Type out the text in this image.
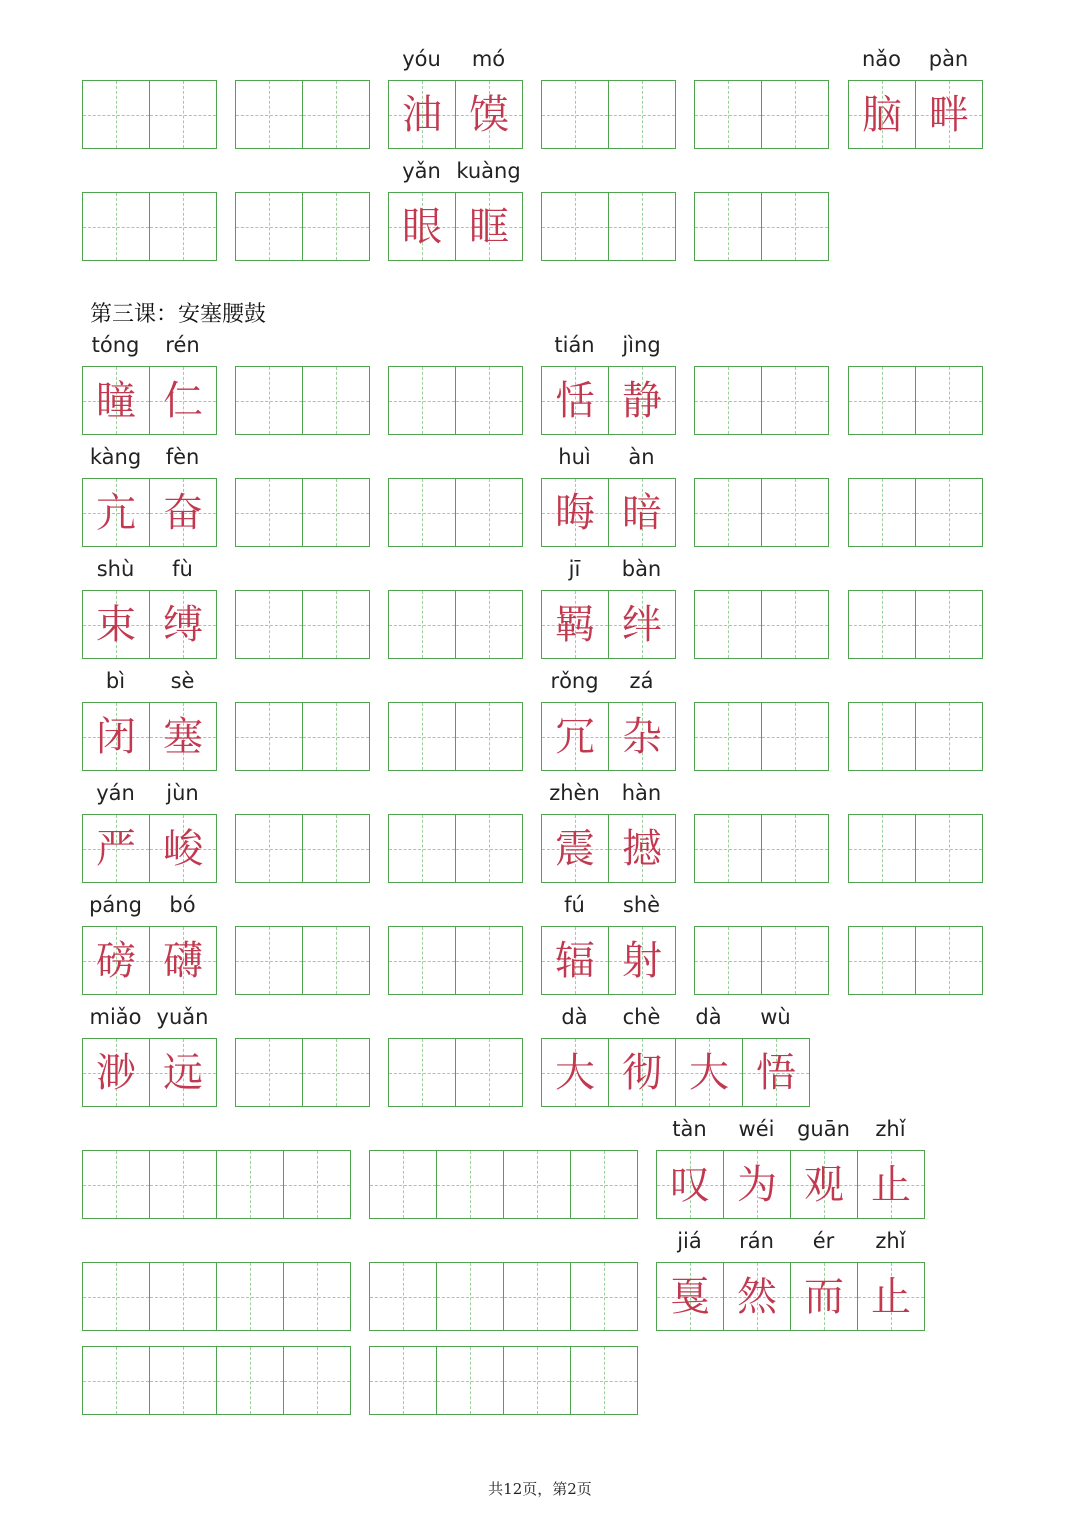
yóu	mó
油 馍
nǎo	pàn
脑 畔
yǎn kuàng
眼 眶
tóng	rén
瞳 仁
tián	jìng
恬 静
kàng	fèn
亢 奋
huì	àn
晦 暗
shù	fù
束 缚
jī	bàn
羁 绊
bì	sè
闭 塞
rǒng	zá
冗 杂
yán	jùn
严 峻
zhèn	hàn
震 撼
páng	bó
磅 礴
fú	shè
辐 射
miǎo yuǎn
渺 远
dà	chè	dà	wù
大 彻 大 悟
tàn	wéi	guān	zhǐ
叹 为 观 止
jiá	rán	ér	zhǐ
戛 然 而 止
第三课：安塞腰鼓
共12页，第2页
